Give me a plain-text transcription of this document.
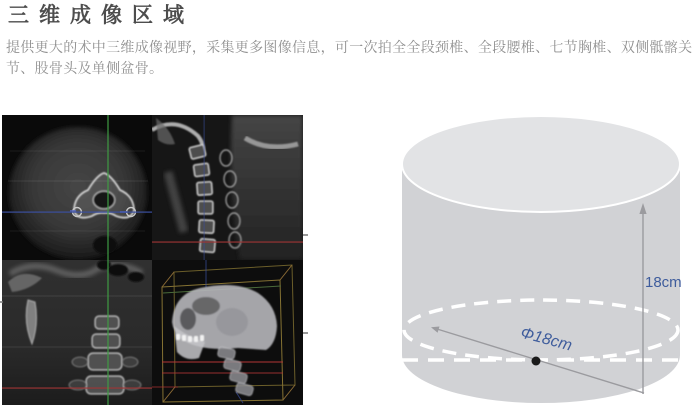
三维成像区域

提供更大的术中三维成像视野，采集更多图像信息，可一次拍全全段颈椎、全段腰椎、七节胸椎、双侧骶髂关节、股骨头及单侧盆骨。

18cm
Φ18cm
